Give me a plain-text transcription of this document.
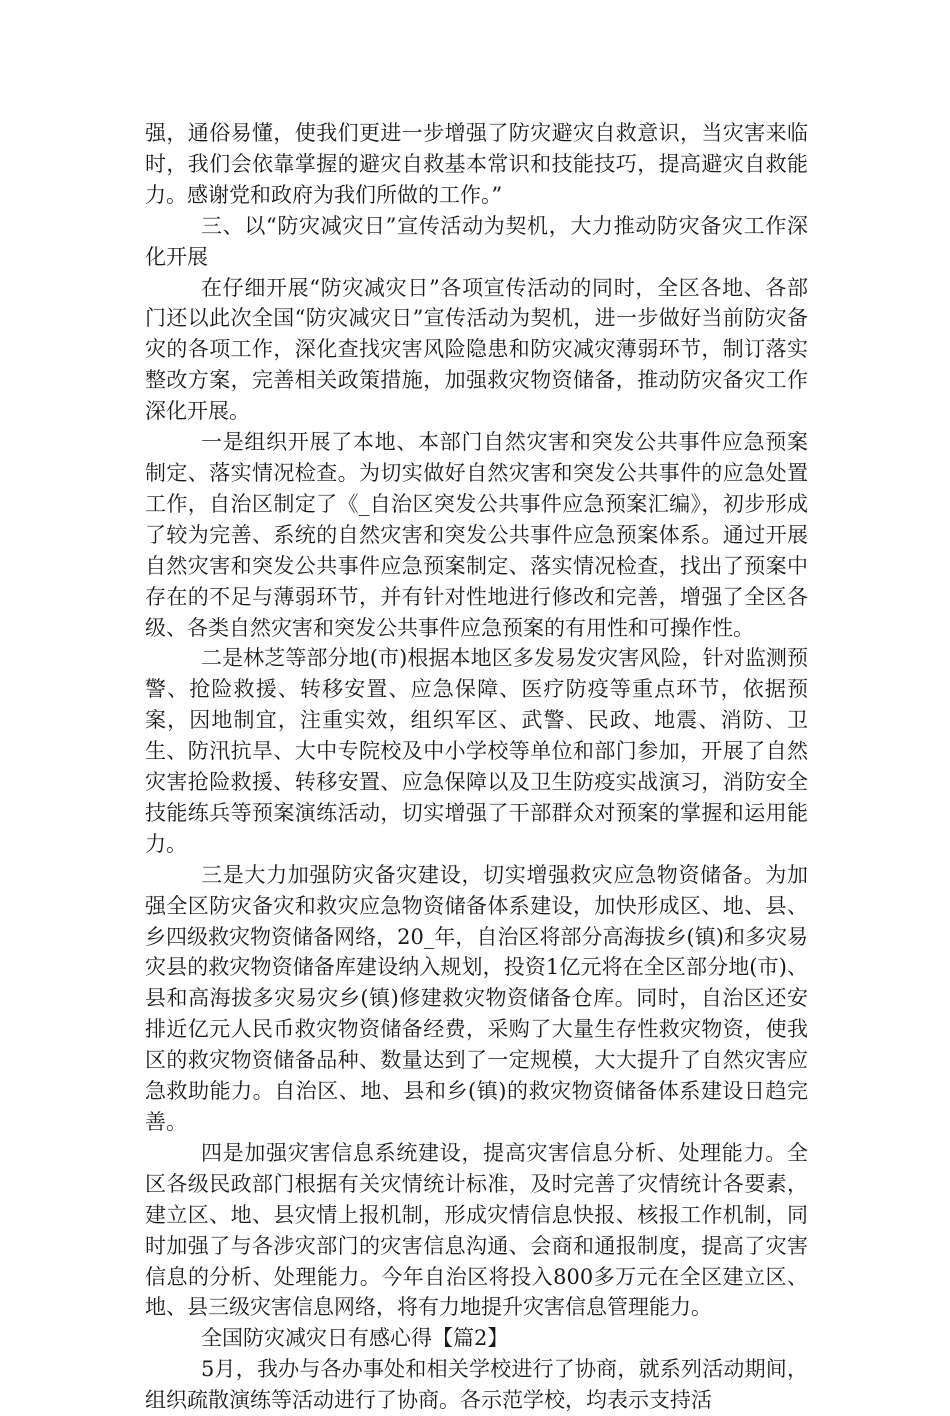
强，通俗易懂，使我们更进一步增强了防灾避灾自救意识，当灾害来临时，我们会依靠掌握的避灾自救基本常识和技能技巧，提高避灾自救能力。感谢党和政府为我们所做的工作。”

三、以“防灾减灾日”宣传活动为契机，大力推动防灾备灾工作深化开展

在仔细开展“防灾减灾日”各项宣传活动的同时，全区各地、各部门还以此次全国“防灾减灾日”宣传活动为契机，进一步做好当前防灾备灾的各项工作，深化查找灾害风险隐患和防灾减灾薄弱环节，制订落实整改方案，完善相关政策措施，加强救灾物资储备，推动防灾备灾工作深化开展。

一是组织开展了本地、本部门自然灾害和突发公共事件应急预案制定、落实情况检查。为切实做好自然灾害和突发公共事件的应急处置工作，自治区制定了《_自治区突发公共事件应急预案汇编》，初步形成了较为完善、系统的自然灾害和突发公共事件应急预案体系。通过开展自然灾害和突发公共事件应急预案制定、落实情况检查，找出了预案中存在的不足与薄弱环节，并有针对性地进行修改和完善，增强了全区各级、各类自然灾害和突发公共事件应急预案的有用性和可操作性。

二是林芝等部分地(市)根据本地区多发易发灾害风险，针对监测预警、抢险救援、转移安置、应急保障、医疗防疫等重点环节，依据预案，因地制宜，注重实效，组织军区、武警、民政、地震、消防、卫生、防汛抗旱、大中专院校及中小学校等单位和部门参加，开展了自然灾害抢险救援、转移安置、应急保障以及卫生防疫实战演习，消防安全技能练兵等预案演练活动，切实增强了干部群众对预案的掌握和运用能力。

三是大力加强防灾备灾建设，切实增强救灾应急物资储备。为加强全区防灾备灾和救灾应急物资储备体系建设，加快形成区、地、县、乡四级救灾物资储备网络，20_年，自治区将部分高海拔乡(镇)和多灾易灾县的救灾物资储备库建设纳入规划，投资1亿元将在全区部分地(市)、县和高海拔多灾易灾乡(镇)修建救灾物资储备仓库。同时，自治区还安排近亿元人民币救灾物资储备经费，采购了大量生存性救灾物资，使我区的救灾物资储备品种、数量达到了一定规模，大大提升了自然灾害应急救助能力。自治区、地、县和乡(镇)的救灾物资储备体系建设日趋完善。

四是加强灾害信息系统建设，提高灾害信息分析、处理能力。全区各级民政部门根据有关灾情统计标准，及时完善了灾情统计各要素，建立区、地、县灾情上报机制，形成灾情信息快报、核报工作机制，同时加强了与各涉灾部门的灾害信息沟通、会商和通报制度，提高了灾害信息的分析、处理能力。今年自治区将投入800多万元在全区建立区、地、县三级灾害信息网络，将有力地提升灾害信息管理能力。

全国防灾减灾日有感心得【篇2】

5月，我办与各办事处和相关学校进行了协商，就系列活动期间，组织疏散演练等活动进行了协商。各示范学校，均表示支持活
